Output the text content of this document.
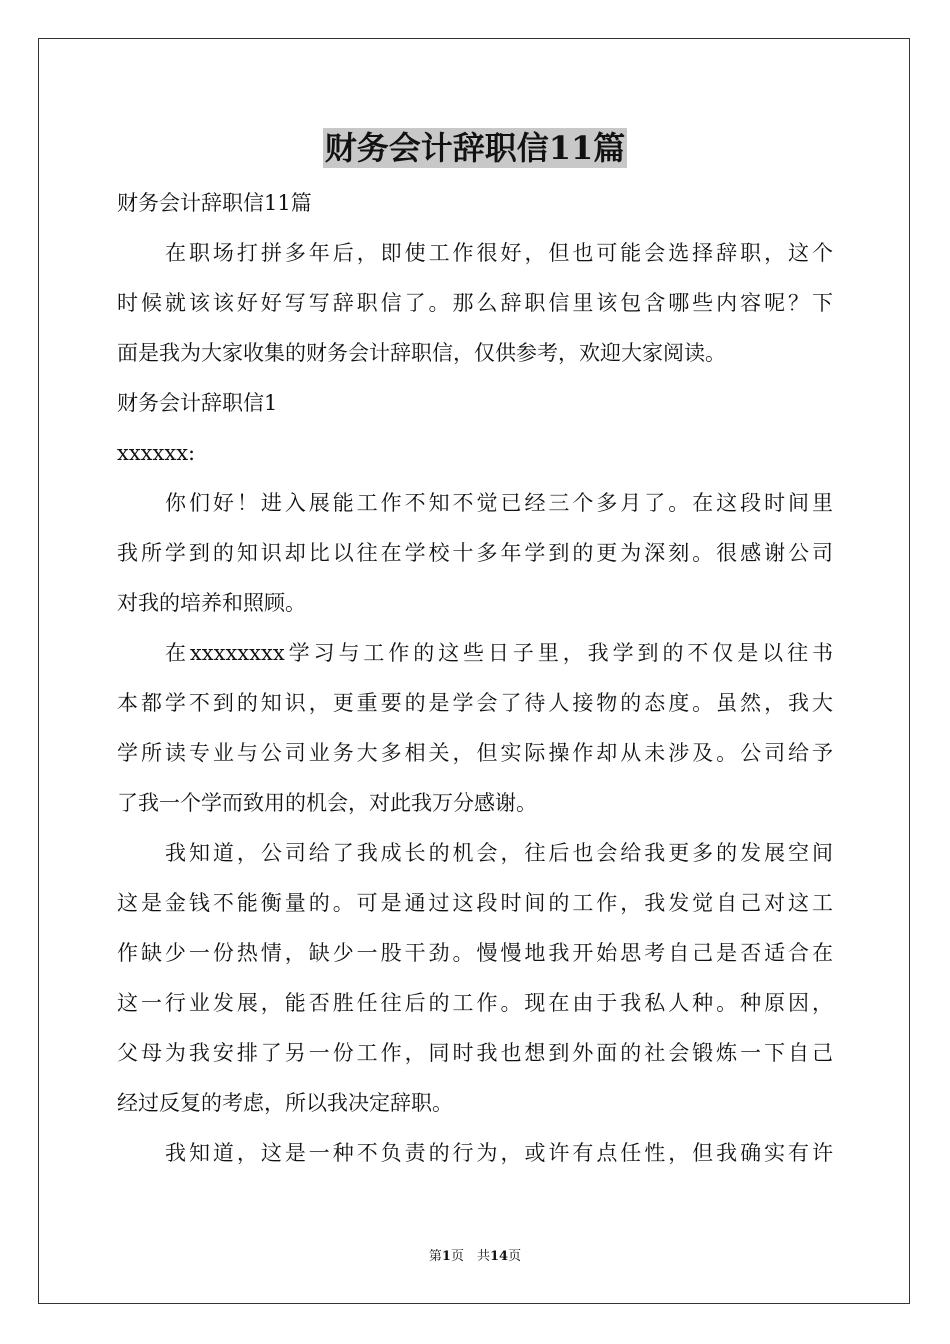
财务会计辞职信11篇
财务会计辞职信11篇
在职场打拼多年后，即使工作很好，但也可能会选择辞职，这个
时候就该该好好写写辞职信了。那么辞职信里该包含哪些内容呢？下
面是我为大家收集的财务会计辞职信，仅供参考，欢迎大家阅读。
财务会计辞职信1
xxxxxx:
你们好！进入展能工作不知不觉已经三个多月了。在这段时间里
我所学到的知识却比以往在学校十多年学到的更为深刻。很感谢公司
对我的培养和照顾。
在xxxxxxxx学习与工作的这些日子里，我学到的不仅是以往书
本都学不到的知识，更重要的是学会了待人接物的态度。虽然，我大
学所读专业与公司业务大多相关，但实际操作却从未涉及。公司给予
了我一个学而致用的机会，对此我万分感谢。
我知道，公司给了我成长的机会，往后也会给我更多的发展空间
这是金钱不能衡量的。可是通过这段时间的工作，我发觉自己对这工
作缺少一份热情，缺少一股干劲。慢慢地我开始思考自己是否适合在
这一行业发展，能否胜任往后的工作。现在由于我私人种。种原因，
父母为我安排了另一份工作，同时我也想到外面的社会锻炼一下自己
经过反复的考虑，所以我决定辞职。
我知道，这是一种不负责的行为，或许有点任性，但我确实有许
第1页　共14页
